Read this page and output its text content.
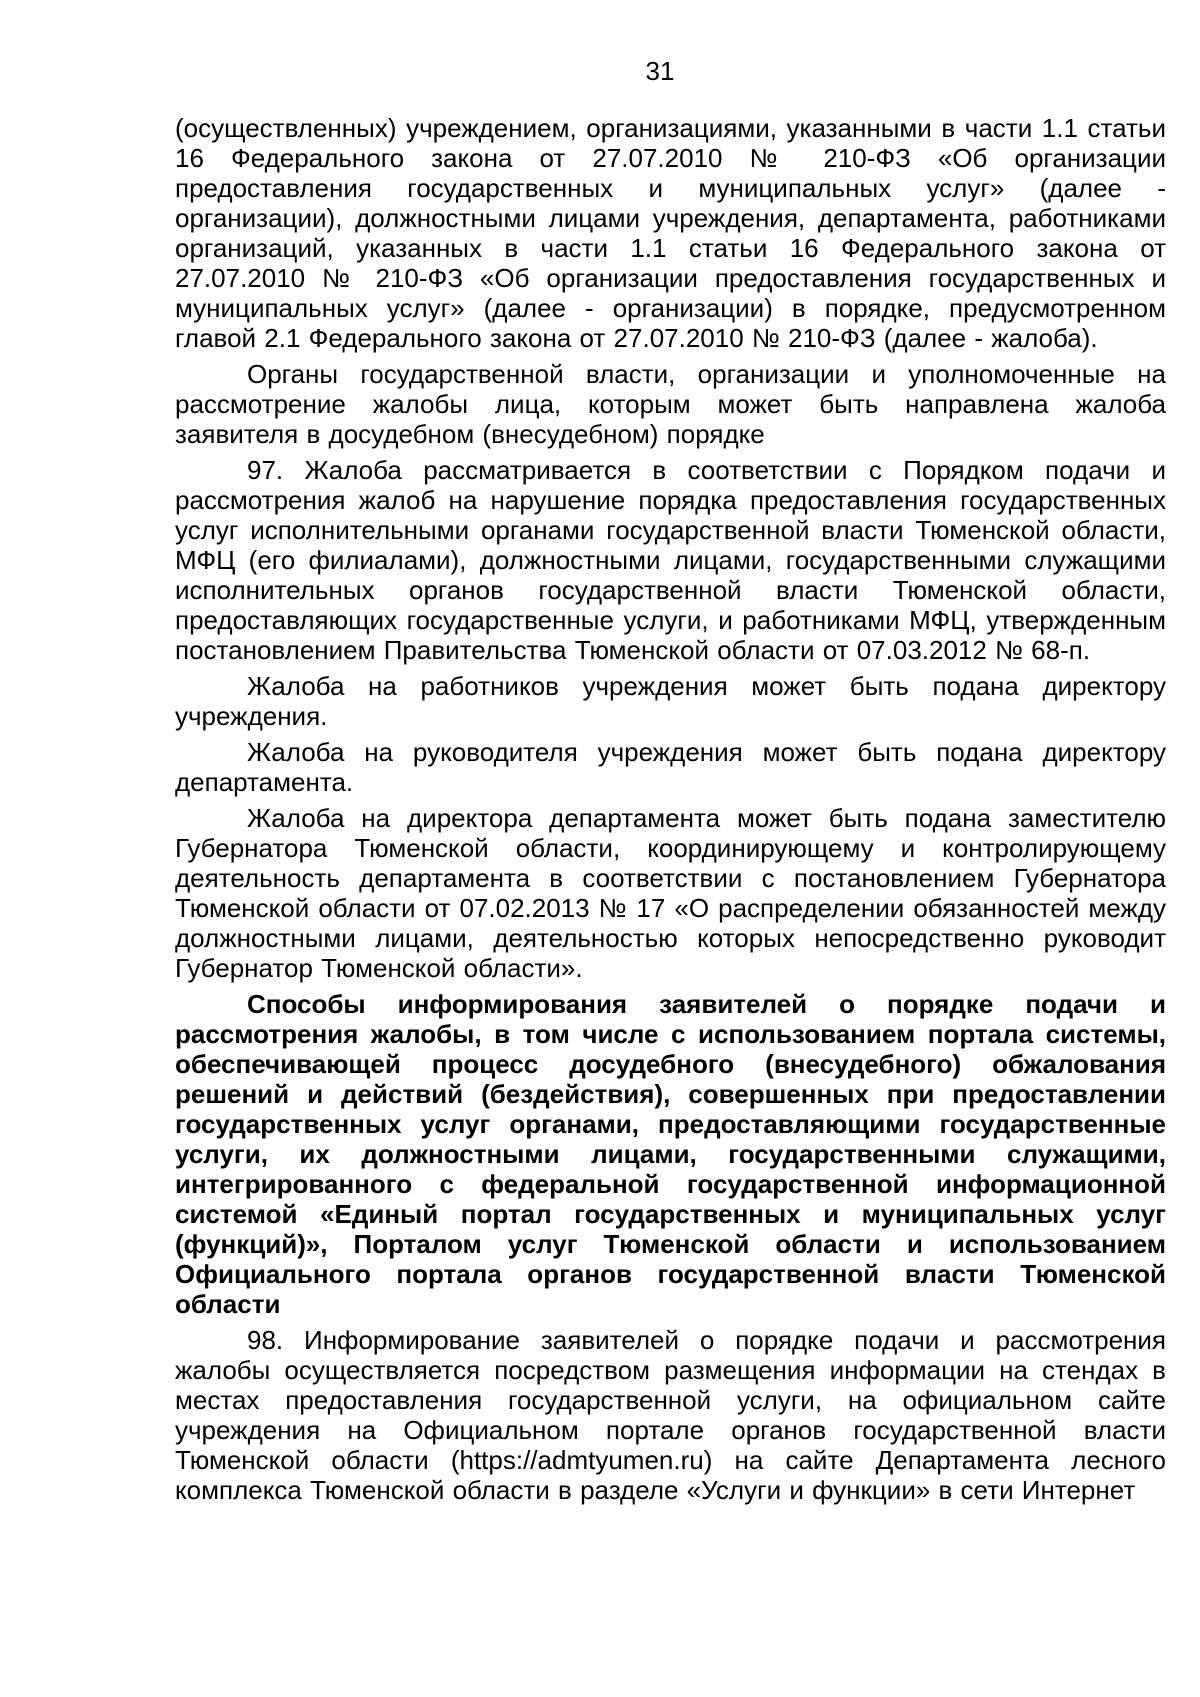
31

(осуществленных) учреждением, организациями, указанными в части 1.1 статьи 16 Федерального закона от 27.07.2010 № 210-ФЗ «Об организации предоставления государственных и муниципальных услуг» (далее - организации), должностными лицами учреждения, департамента, работниками организаций, указанных в части 1.1 статьи 16 Федерального закона от 27.07.2010 № 210-ФЗ «Об организации предоставления государственных и муниципальных услуг» (далее - организации) в порядке, предусмотренном главой 2.1 Федерального закона от 27.07.2010 № 210-ФЗ (далее - жалоба).

Органы государственной власти, организации и уполномоченные на рассмотрение жалобы лица, которым может быть направлена жалоба заявителя в досудебном (внесудебном) порядке

97. Жалоба рассматривается в соответствии с Порядком подачи и рассмотрения жалоб на нарушение порядка предоставления государственных услуг исполнительными органами государственной власти Тюменской области, МФЦ (его филиалами), должностными лицами, государственными служащими исполнительных органов государственной власти Тюменской области, предоставляющих государственные услуги, и работниками МФЦ, утвержденным постановлением Правительства Тюменской области от 07.03.2012 № 68-п.

Жалоба на работников учреждения может быть подана директору учреждения.

Жалоба на руководителя учреждения может быть подана директору департамента.

Жалоба на директора департамента может быть подана заместителю Губернатора Тюменской области, координирующему и контролирующему деятельность департамента в соответствии с постановлением Губернатора Тюменской области от 07.02.2013 № 17 «О распределении обязанностей между должностными лицами, деятельностью которых непосредственно руководит Губернатор Тюменской области».

Способы информирования заявителей о порядке подачи и рассмотрения жалобы, в том числе с использованием портала системы, обеспечивающей процесс досудебного (внесудебного) обжалования решений и действий (бездействия), совершенных при предоставлении государственных услуг органами, предоставляющими государственные услуги, их должностными лицами, государственными служащими, интегрированного с федеральной государственной информационной системой «Единый портал государственных и муниципальных услуг (функций)», Порталом услуг Тюменской области и использованием Официального портала органов государственной власти Тюменской области

98. Информирование заявителей о порядке подачи и рассмотрения жалобы осуществляется посредством размещения информации на стендах в местах предоставления государственной услуги, на официальном сайте учреждения на Официальном портале органов государственной власти Тюменской области (https://admtyumen.ru) на сайте Департамента лесного комплекса Тюменской области в разделе «Услуги и функции» в сети Интернет
